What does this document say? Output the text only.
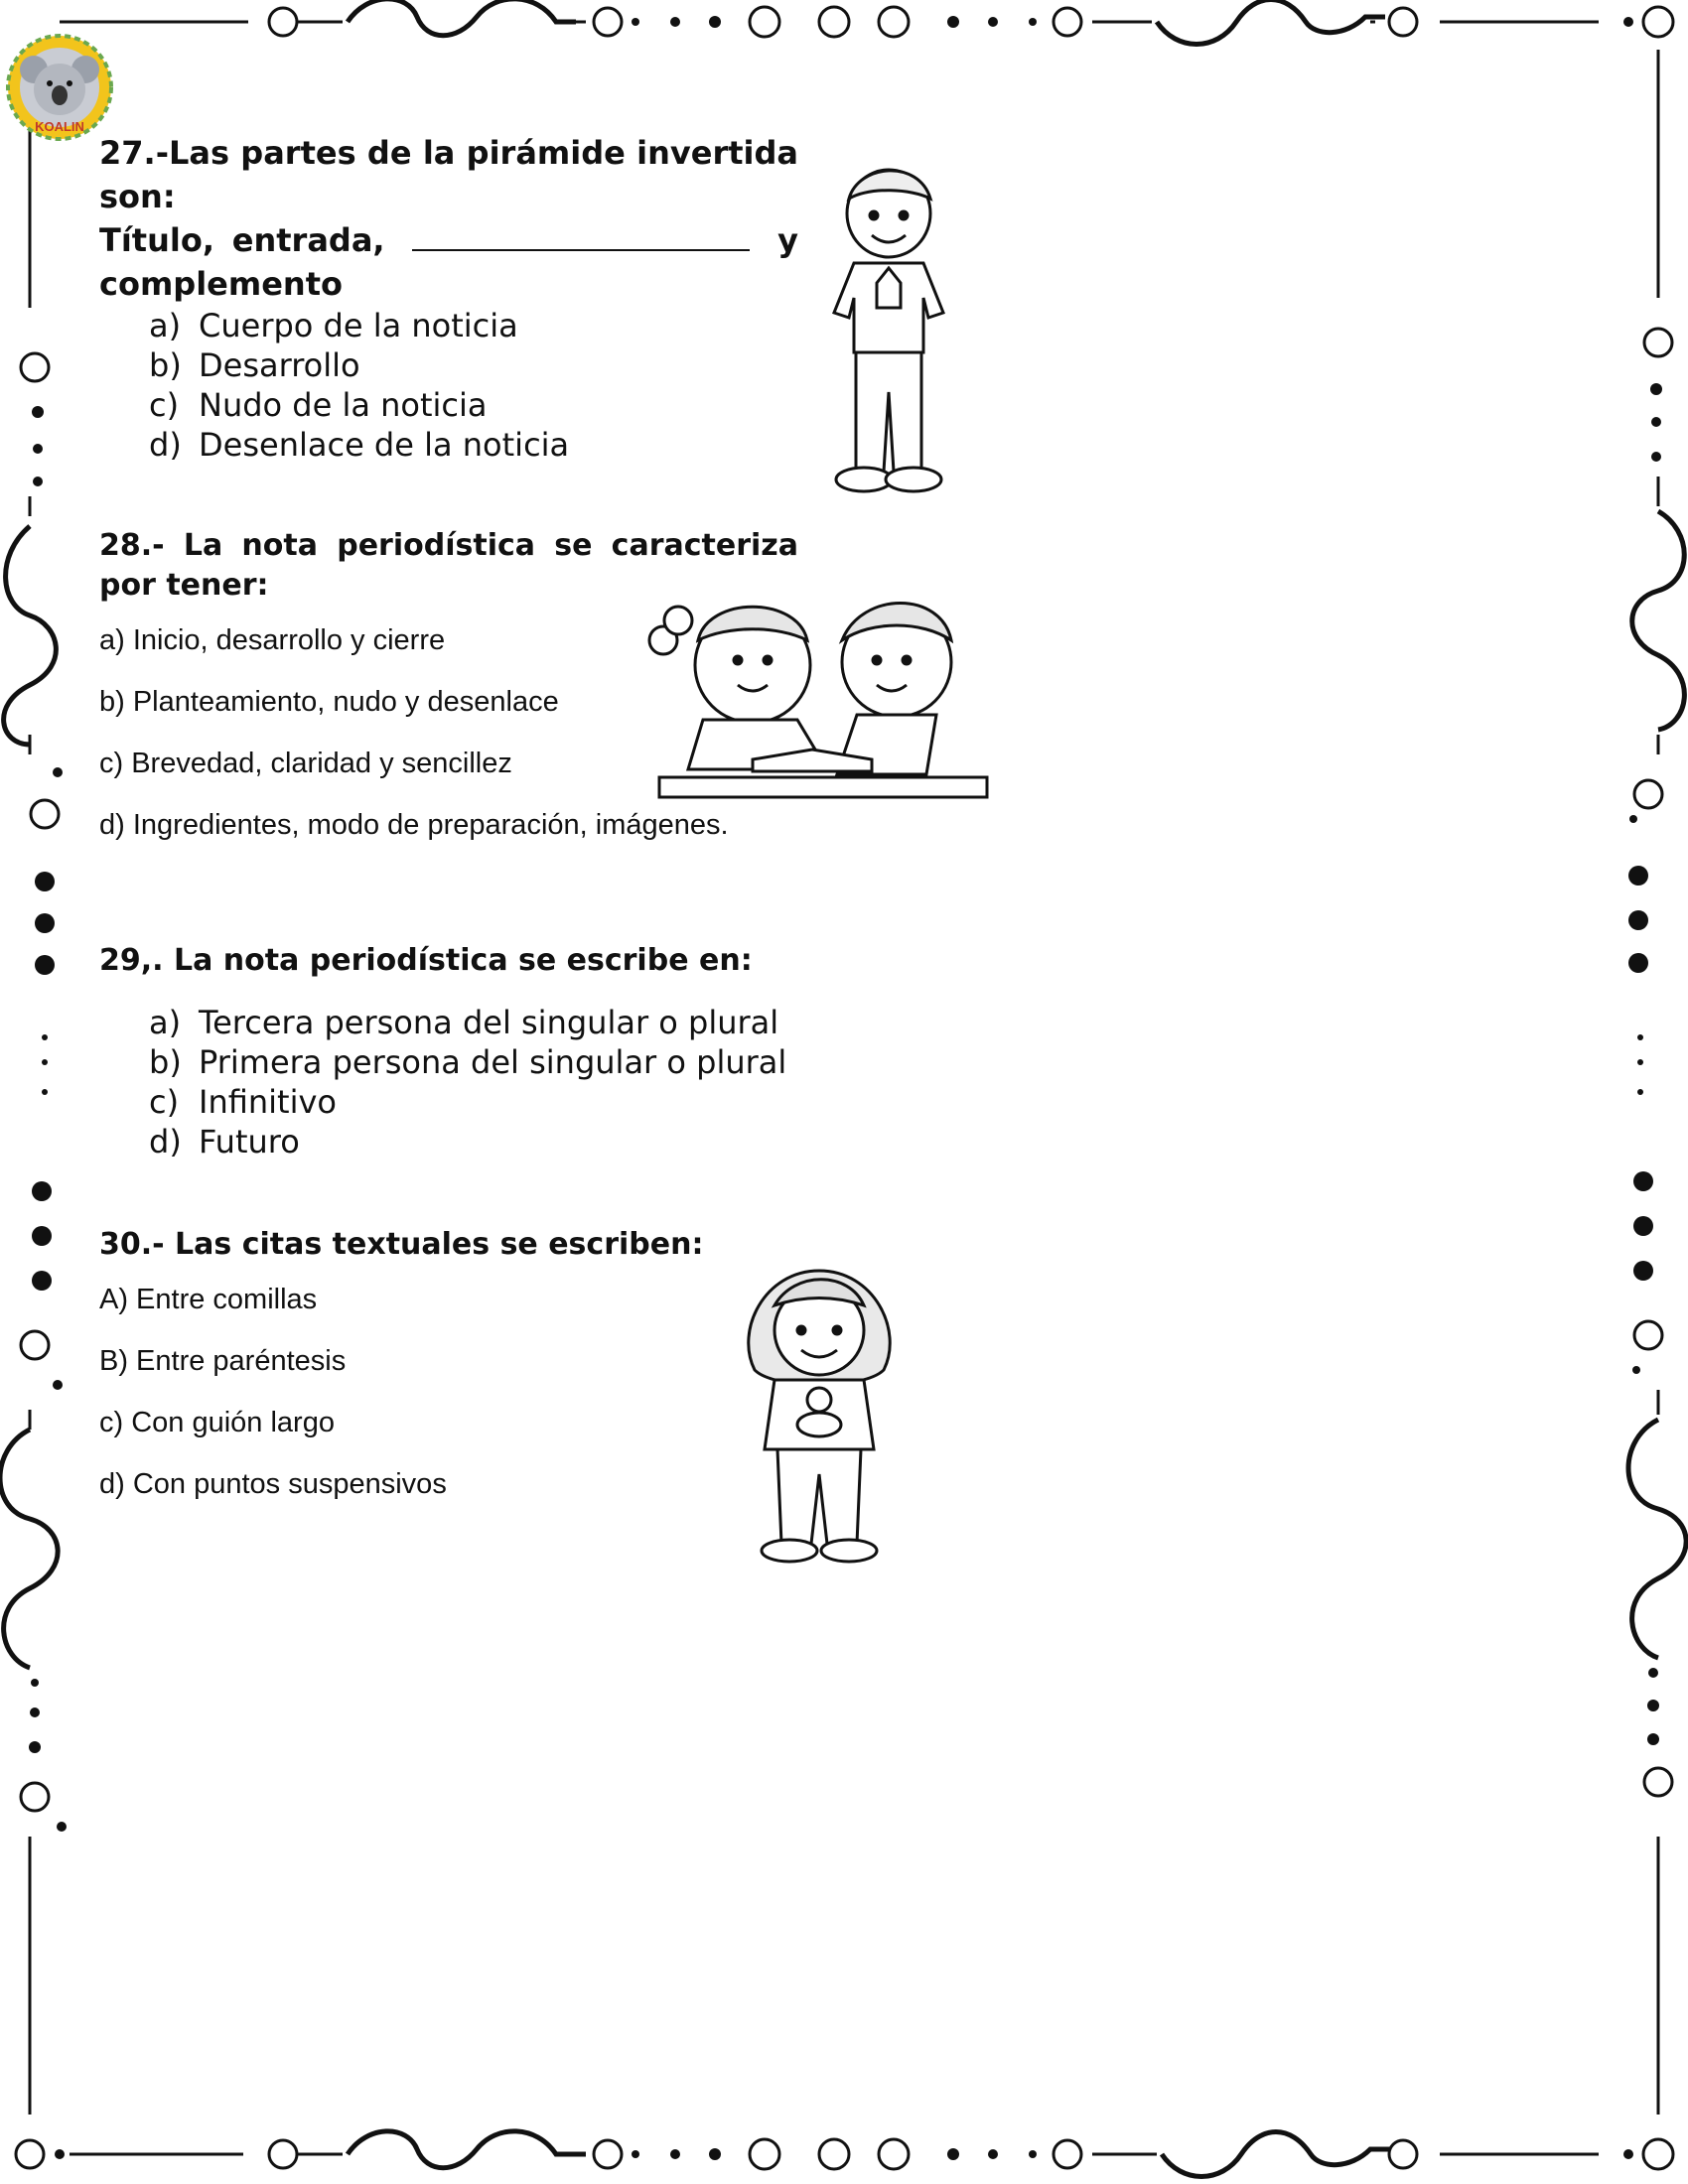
KOALIN
27.-Las partes de la pirámide invertida son:
Título, entrada,	y
complemento
a) Cuerpo de la noticia
b) Desarrollo
c) Nudo de la noticia
d) Desenlace de la noticia
28.- La nota periodística se caracteriza por tener:
a) Inicio, desarrollo y cierre
b) Planteamiento, nudo y desenlace
c) Brevedad, claridad y sencillez
d) Ingredientes, modo de preparación, imágenes.
29,. La nota periodística se escribe en:
a) Tercera persona del singular o plural
b) Primera persona del singular o plural
c) Infinitivo
d) Futuro
30.- Las citas textuales se escriben:
A) Entre comillas
B) Entre paréntesis
c) Con guión largo
d) Con puntos suspensivos
